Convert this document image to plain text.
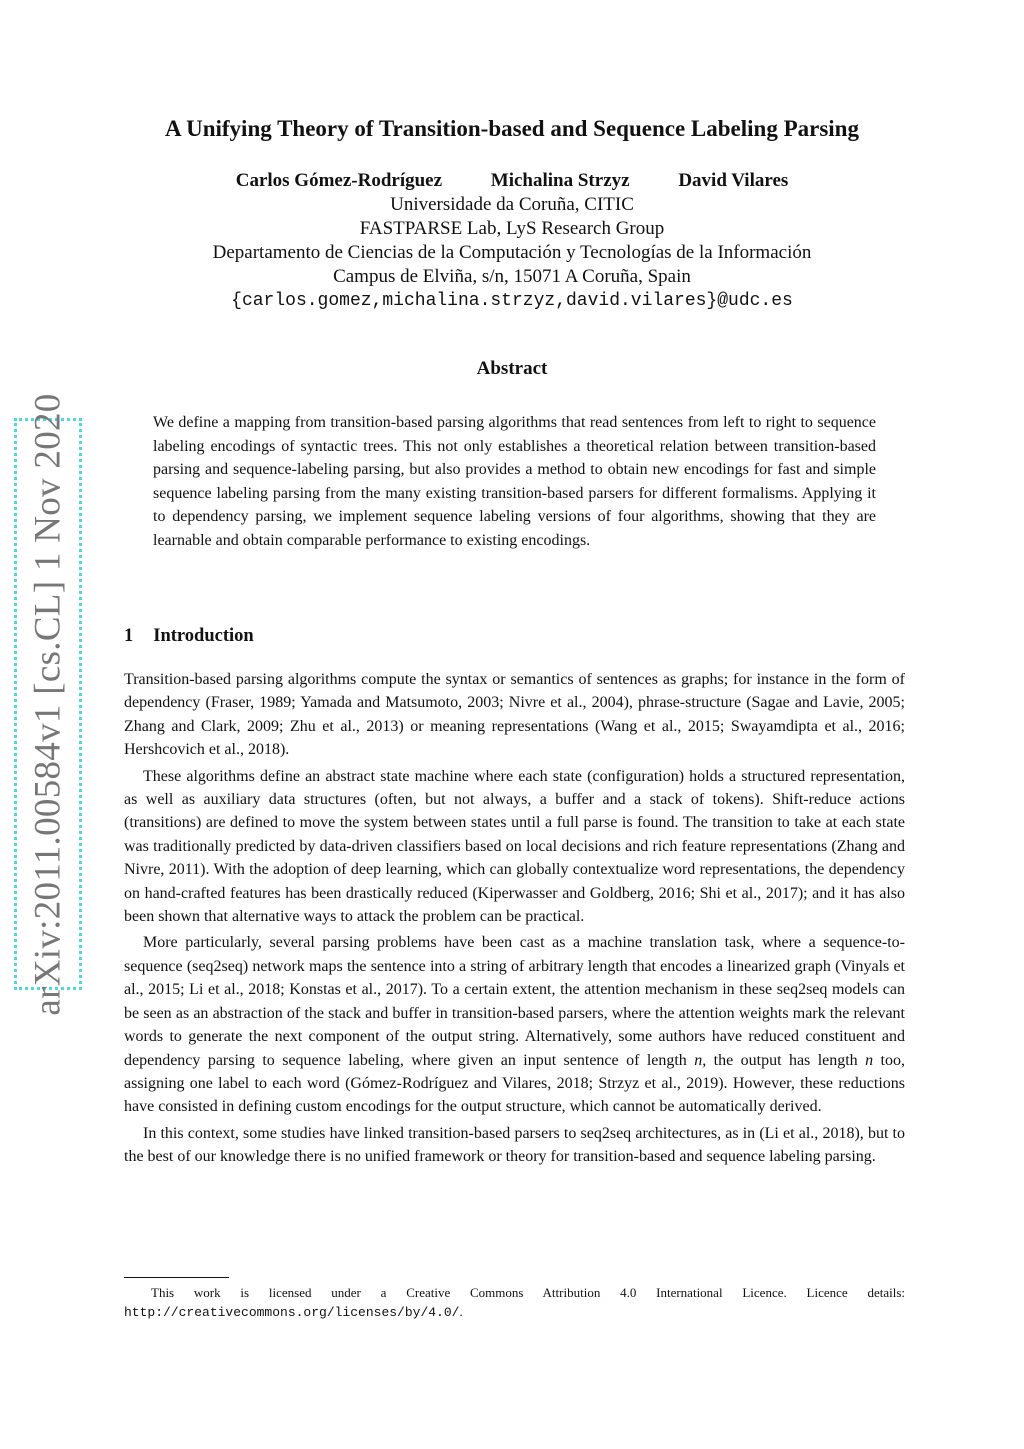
arXiv:2011.00584v1 [cs.CL] 1 Nov 2020
A Unifying Theory of Transition-based and Sequence Labeling Parsing
Carlos Gómez-Rodríguez	Michalina Strzyz	David Vilares
Universidade da Coruña, CITIC
FASTPARSE Lab, LyS Research Group
Departamento de Ciencias de la Computación y Tecnologías de la Información
Campus de Elviña, s/n, 15071 A Coruña, Spain
{carlos.gomez,michalina.strzyz,david.vilares}@udc.es
Abstract

We define a mapping from transition-based parsing algorithms that read sentences from left to right to sequence labeling encodings of syntactic trees. This not only establishes a theoretical relation between transition-based parsing and sequence-labeling parsing, but also provides a method to obtain new encodings for fast and simple sequence labeling parsing from the many existing transition-based parsers for different formalisms. Applying it to dependency parsing, we implement sequence labeling versions of four algorithms, showing that they are learnable and obtain comparable performance to existing encodings.

1 Introduction

Transition-based parsing algorithms compute the syntax or semantics of sentences as graphs; for instance in the form of dependency (Fraser, 1989; Yamada and Matsumoto, 2003; Nivre et al., 2004), phrase-structure (Sagae and Lavie, 2005; Zhang and Clark, 2009; Zhu et al., 2013) or meaning representations (Wang et al., 2015; Swayamdipta et al., 2016; Hershcovich et al., 2018).

These algorithms define an abstract state machine where each state (configuration) holds a structured representation, as well as auxiliary data structures (often, but not always, a buffer and a stack of tokens). Shift-reduce actions (transitions) are defined to move the system between states until a full parse is found. The transition to take at each state was traditionally predicted by data-driven classifiers based on local decisions and rich feature representations (Zhang and Nivre, 2011). With the adoption of deep learning, which can globally contextualize word representations, the dependency on hand-crafted features has been drastically reduced (Kiperwasser and Goldberg, 2016; Shi et al., 2017); and it has also been shown that alternative ways to attack the problem can be practical.

More particularly, several parsing problems have been cast as a machine translation task, where a sequence-to-sequence (seq2seq) network maps the sentence into a string of arbitrary length that encodes a linearized graph (Vinyals et al., 2015; Li et al., 2018; Konstas et al., 2017). To a certain extent, the attention mechanism in these seq2seq models can be seen as an abstraction of the stack and buffer in transition-based parsers, where the attention weights mark the relevant words to generate the next component of the output string. Alternatively, some authors have reduced constituent and dependency parsing to sequence labeling, where given an input sentence of length n, the output has length n too, assigning one label to each word (Gómez-Rodríguez and Vilares, 2018; Strzyz et al., 2019). However, these reductions have consisted in defining custom encodings for the output structure, which cannot be automatically derived.

In this context, some studies have linked transition-based parsers to seq2seq architectures, as in (Li et al., 2018), but to the best of our knowledge there is no unified framework or theory for transition-based and sequence labeling parsing.

This work is licensed under a Creative Commons Attribution 4.0 International Licence. Licence details: http://creativecommons.org/licenses/by/4.0/.
